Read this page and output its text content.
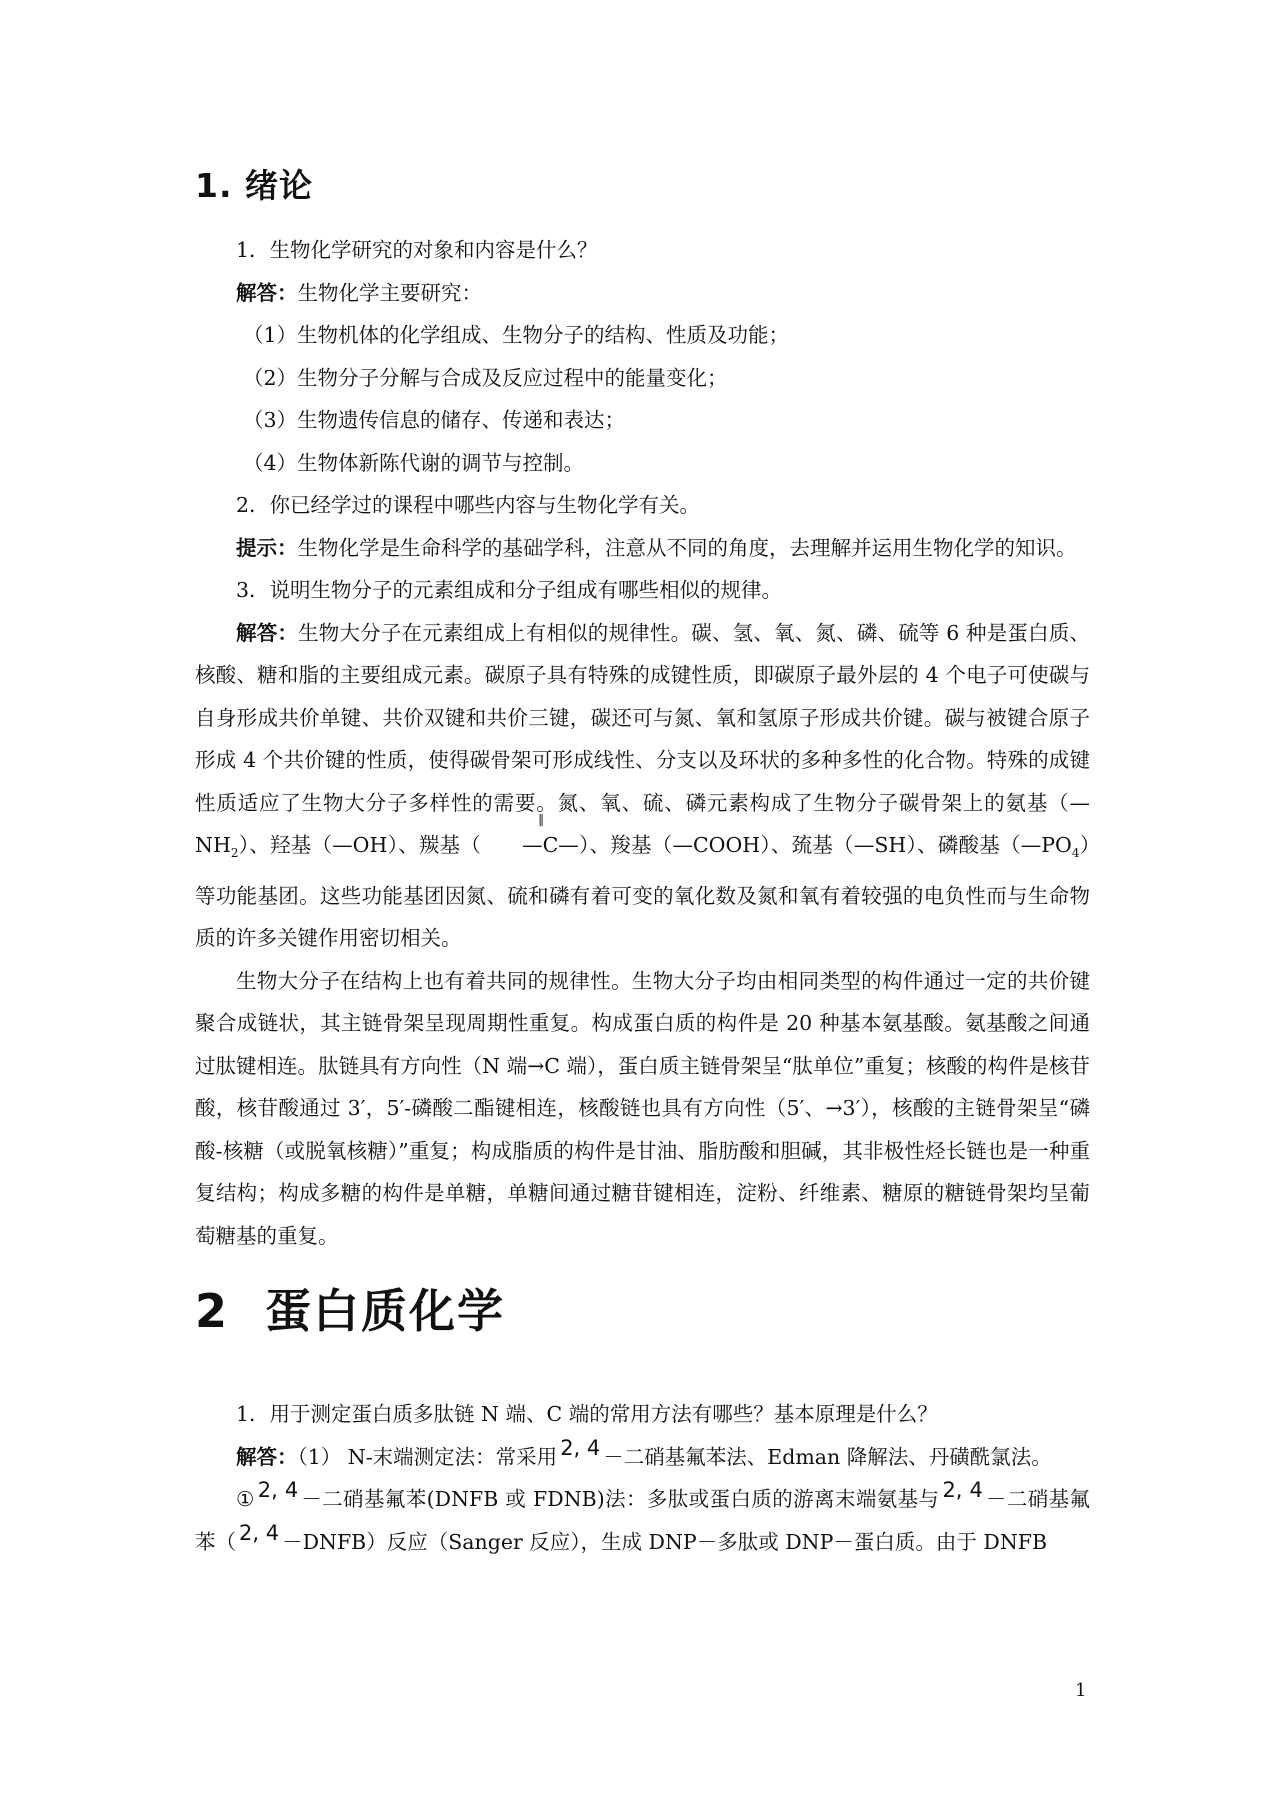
1. 绪论

1．生物化学研究的对象和内容是什么？

解答：生物化学主要研究：

（1）生物机体的化学组成、生物分子的结构、性质及功能；

（2）生物分子分解与合成及反应过程中的能量变化；

（3）生物遗传信息的储存、传递和表达；

（4）生物体新陈代谢的调节与控制。

2．你已经学过的课程中哪些内容与生物化学有关。

提示：生物化学是生命科学的基础学科，注意从不同的角度，去理解并运用生物化学的知识。

3．说明生物分子的元素组成和分子组成有哪些相似的规律。

解答：生物大分子在元素组成上有相似的规律性。碳、氢、氧、氮、磷、硫等 6 种是蛋白质、核酸、糖和脂的主要组成元素。碳原子具有特殊的成键性质，即碳原子最外层的 4 个电子可使碳与自身形成共价单键、共价双键和共价三键，碳还可与氮、氧和氢原子形成共价键。碳与被键合原子形成 4 个共价键的性质，使得碳骨架可形成线性、分支以及环状的多种多性的化合物。特殊的成键性质适应了生物大分子多样性的需要。氮、氧、硫、磷元素构成了生物分子碳骨架上的氨基$(—NH_2)$、羟基（—OH）、羰基（
‖
—C—）、羧基（—COOH）、巯基（—SH）、磷酸基$(—PO_4)$等功能基团。这些功能基团因氮、硫和磷有着可变的氧化数及氮和氧有着较强的电负性而与生命物质的许多关键作用密切相关。

生物大分子在结构上也有着共同的规律性。生物大分子均由相同类型的构件通过一定的共价键聚合成链状，其主链骨架呈现周期性重复。构成蛋白质的构件是 20 种基本氨基酸。氨基酸之间通过肽键相连。肽链具有方向性（N 端→C 端），蛋白质主链骨架呈“肽单位”重复；核酸的构件是核苷酸，核苷酸通过 3′，5′-磷酸二酯键相连，核酸链也具有方向性（5′、→3′），核酸的主链骨架呈“磷酸-核糖（或脱氧核糖）”重复；构成脂质的构件是甘油、脂肪酸和胆碱，其非极性烃长链也是一种重复结构；构成多糖的构件是单糖，单糖间通过糖苷键相连，淀粉、纤维素、糖原的糖链骨架均呈葡萄糖基的重复。

2 蛋白质化学

1．用于测定蛋白质多肽链 N 端、C 端的常用方法有哪些？基本原理是什么？

解答：（1） N-末端测定法：常采用 2, 4 －二硝基氟苯法、Edman 降解法、丹磺酰氯法。

① 2, 4 －二硝基氟苯(DNFB 或 FDNB)法：多肽或蛋白质的游离末端氨基与 2, 4 －二硝基氟苯（ 2, 4 －DNFB）反应（Sanger 反应），生成 DNP－多肽或 DNP－蛋白质。由于 DNFB

1
